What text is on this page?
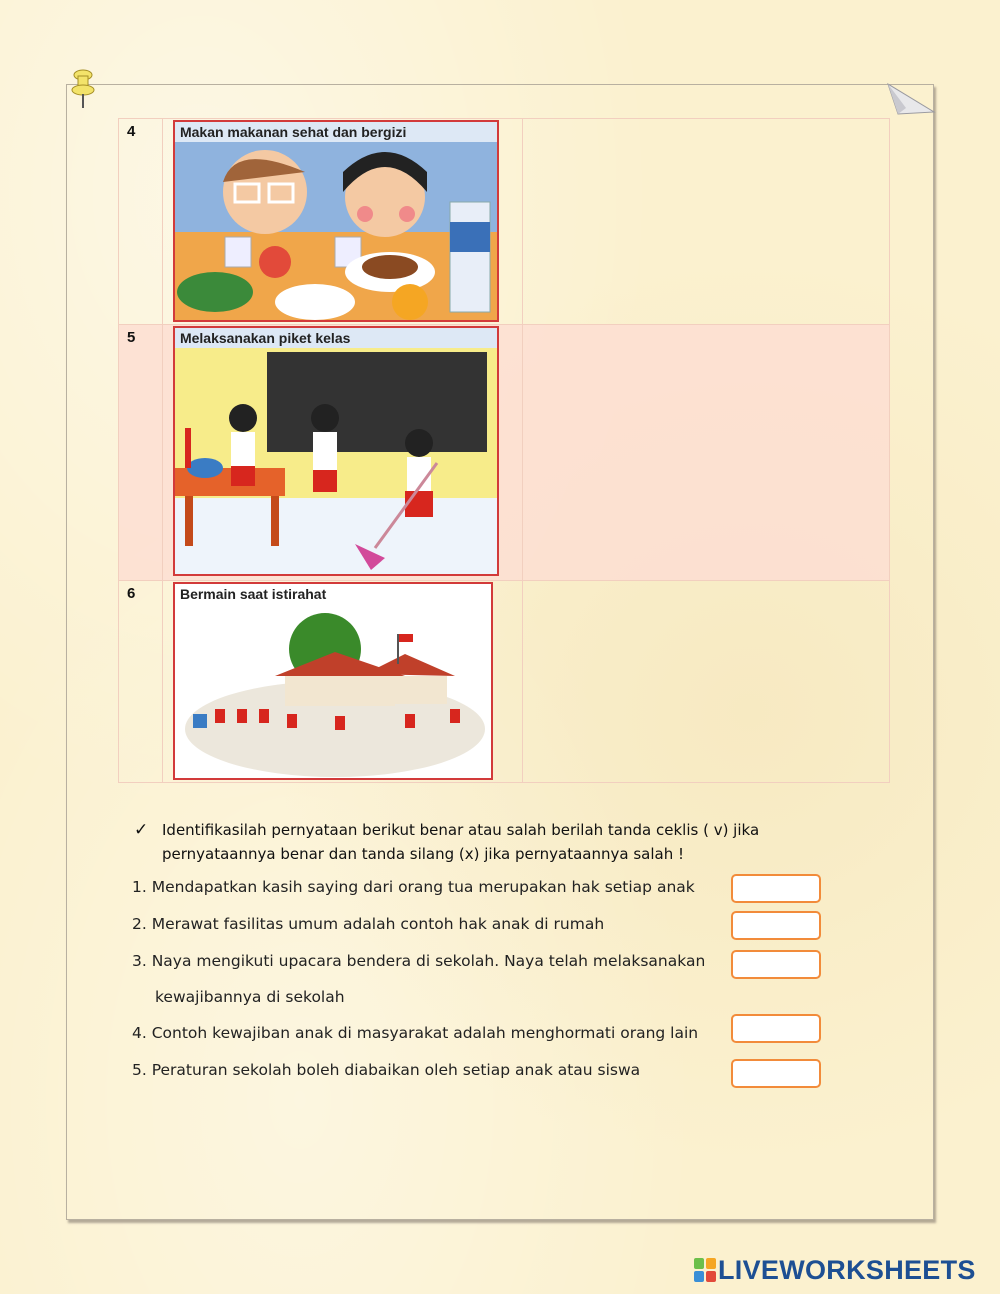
4	Makan makanan sehat dan bergizi	

5	Melaksanakan piket kelas	

6	Bermain saat istirahat	

✓ Identifikasilah pernyataan berikut benar atau salah berilah tanda ceklis ( v) jika pernyataannya benar dan tanda silang (x) jika pernyataannya salah !
1. Mendapatkan kasih saying dari orang tua merupakan hak setiap anak
2. Merawat fasilitas umum adalah contoh hak anak di rumah
3. Naya mengikuti upacara bendera di sekolah. Naya telah melaksanakan
kewajibannya di sekolah
4. Contoh kewajiban anak di masyarakat adalah menghormati orang lain
5. Peraturan sekolah boleh diabaikan oleh setiap anak atau siswa
LIVEWORKSHEETS
